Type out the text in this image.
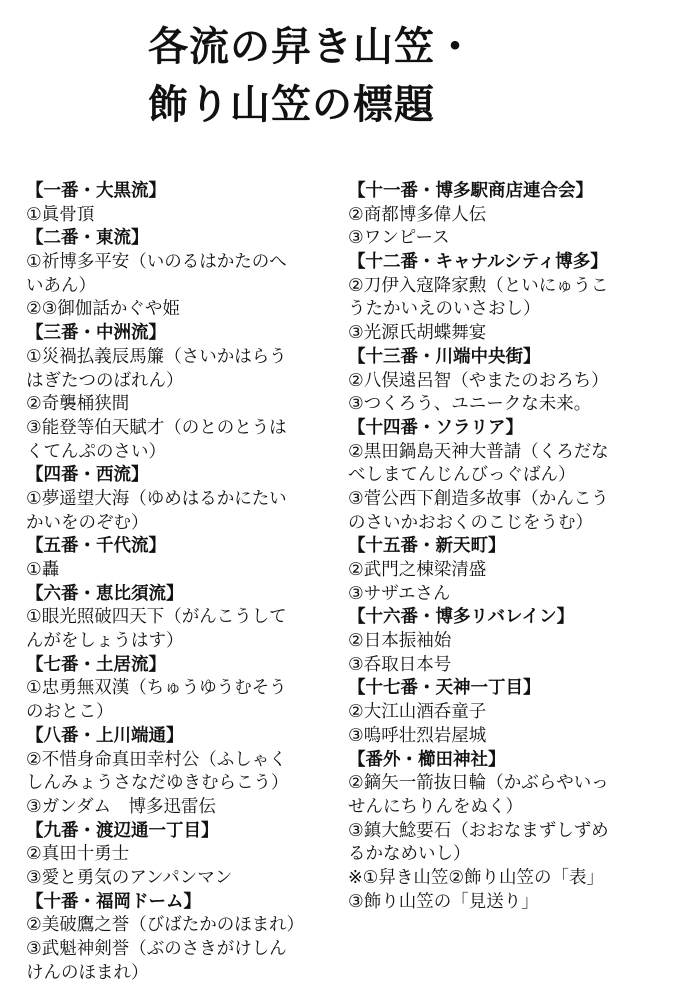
各流の舁き山笠・
飾り山笠の標題
【一番・大黒流】
①眞骨頂
【二番・東流】
①祈博多平安（いのるはかたのへ
いあん）
②③御伽話かぐや姫
【三番・中洲流】
①災禍払義辰馬簾（さいかはらう
はぎたつのばれん）
②奇襲桶狭間
③能登等伯天賦才（のとのとうは
くてんぷのさい）
【四番・西流】
①夢遥望大海（ゆめはるかにたい
かいをのぞむ）
【五番・千代流】
①轟
【六番・恵比須流】
①眼光照破四天下（がんこうして
んがをしょうはす）
【七番・土居流】
①忠勇無双漢（ちゅうゆうむそう
のおとこ）
【八番・上川端通】
②不惜身命真田幸村公（ふしゃく
しんみょうさなだゆきむらこう）
③ガンダム　博多迅雷伝
【九番・渡辺通一丁目】
②真田十勇士
③愛と勇気のアンパンマン
【十番・福岡ドーム】
②美破鷹之誉（びばたかのほまれ）
③武魁神剣誉（ぶのさきがけしん
けんのほまれ）
【十一番・博多駅商店連合会】
②商都博多偉人伝
③ワンピース
【十二番・キャナルシティ博多】
②刀伊入寇降家勲（といにゅうこ
うたかいえのいさおし）
③光源氏胡蝶舞宴
【十三番・川端中央街】
②八俣遠呂智（やまたのおろち）
③つくろう、ユニークな未来。
【十四番・ソラリア】
②黒田鍋島天神大普請（くろだな
べしまてんじんびっぐばん）
③菅公西下創造多故事（かんこう
のさいかおおくのこじをうむ）
【十五番・新天町】
②武門之棟梁清盛
③サザエさん
【十六番・博多リバレイン】
②日本振袖始
③呑取日本号
【十七番・天神一丁目】
②大江山酒呑童子
③嗚呼壮烈岩屋城
【番外・櫛田神社】
②鏑矢一箭抜日輪（かぶらやいっ
せんにちりんをぬく）
③鎮大鯰要石（おおなまずしずめ
るかなめいし）
※①舁き山笠②飾り山笠の「表」
③飾り山笠の「見送り」
